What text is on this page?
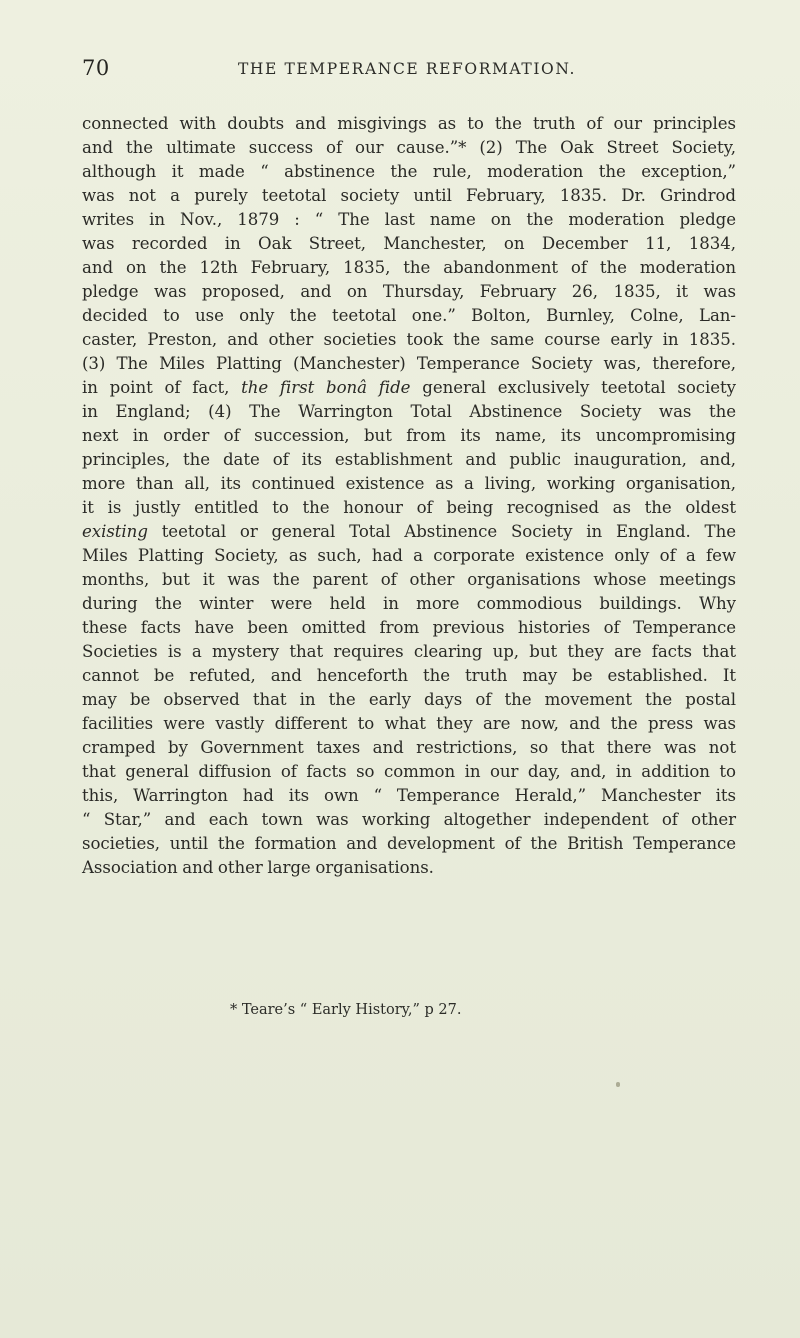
70	THE TEMPERANCE REFORMATION.
connected with doubts and misgivings as to the truth of our principles
and the ultimate success of our cause.”* (2) The Oak Street Society,
although it made “ abstinence the rule, moderation the exception,”
was not a purely teetotal society until February, 1835. Dr. Grindrod
writes in Nov., 1879 : “ The last name on the moderation pledge
was recorded in Oak Street, Manchester, on December 11, 1834,
and on the 12th February, 1835, the abandonment of the moderation
pledge was proposed, and on Thursday, February 26, 1835, it was
decided to use only the teetotal one.” Bolton, Burnley, Colne, Lan-
caster, Preston, and other societies took the same course early in 1835.
(3) The Miles Platting (Manchester) Temperance Society was, therefore,
in point of fact, the first bonâ fide general exclusively teetotal society
in England; (4) The Warrington Total Abstinence Society was the
next in order of succession, but from its name, its uncompromising
principles, the date of its establishment and public inauguration, and,
more than all, its continued existence as a living, working organisation,
it is justly entitled to the honour of being recognised as the oldest
existing teetotal or general Total Abstinence Society in England. The
Miles Platting Society, as such, had a corporate existence only of a few
months, but it was the parent of other organisations whose meetings
during the winter were held in more commodious buildings. Why
these facts have been omitted from previous histories of Temperance
Societies is a mystery that requires clearing up, but they are facts that
cannot be refuted, and henceforth the truth may be established. It
may be observed that in the early days of the movement the postal
facilities were vastly different to what they are now, and the press was
cramped by Government taxes and restrictions, so that there was not
that general diffusion of facts so common in our day, and, in addition to
this, Warrington had its own “ Temperance Herald,” Manchester its
“ Star,” and each town was working altogether independent of other
societies, until the formation and development of the British Temperance
Association and other large organisations.
* Teare’s “ Early History,” p 27.
